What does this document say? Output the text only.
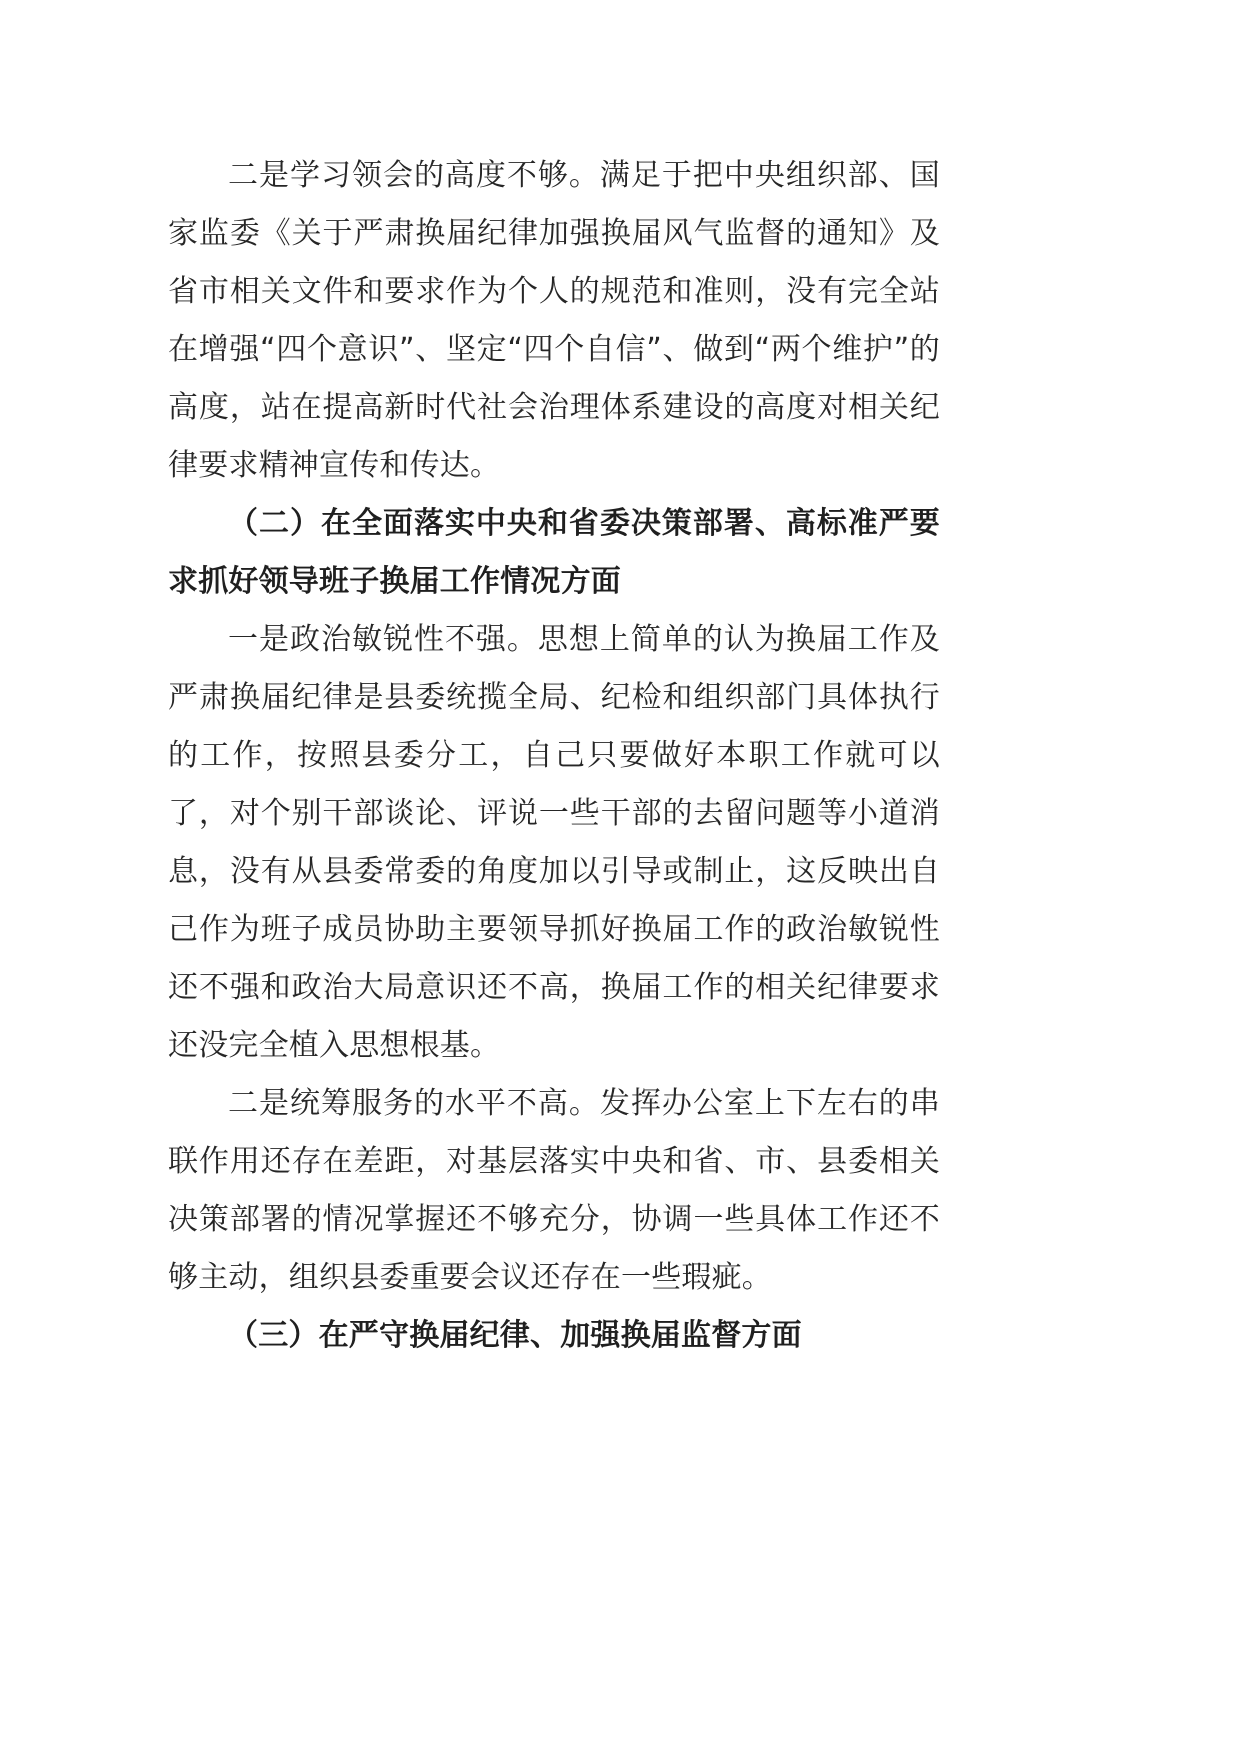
二是学习领会的高度不够。满足于把中央组织部、国家监委《关于严肃换届纪律加强换届风气监督的通知》及省市相关文件和要求作为个人的规范和准则，没有完全站在增强“四个意识”、坚定“四个自信”、做到“两个维护”的高度，站在提高新时代社会治理体系建设的高度对相关纪律要求精神宣传和传达。

（二）在全面落实中央和省委决策部署、高标准严要求抓好领导班子换届工作情况方面

一是政治敏锐性不强。思想上简单的认为换届工作及严肃换届纪律是县委统揽全局、纪检和组织部门具体执行的工作，按照县委分工，自己只要做好本职工作就可以了，对个别干部谈论、评说一些干部的去留问题等小道消息，没有从县委常委的角度加以引导或制止，这反映出自己作为班子成员协助主要领导抓好换届工作的政治敏锐性还不强和政治大局意识还不高，换届工作的相关纪律要求还没完全植入思想根基。

二是统筹服务的水平不高。发挥办公室上下左右的串联作用还存在差距，对基层落实中央和省、市、县委相关决策部署的情况掌握还不够充分，协调一些具体工作还不够主动，组织县委重要会议还存在一些瑕疵。

（三）在严守换届纪律、加强换届监督方面
